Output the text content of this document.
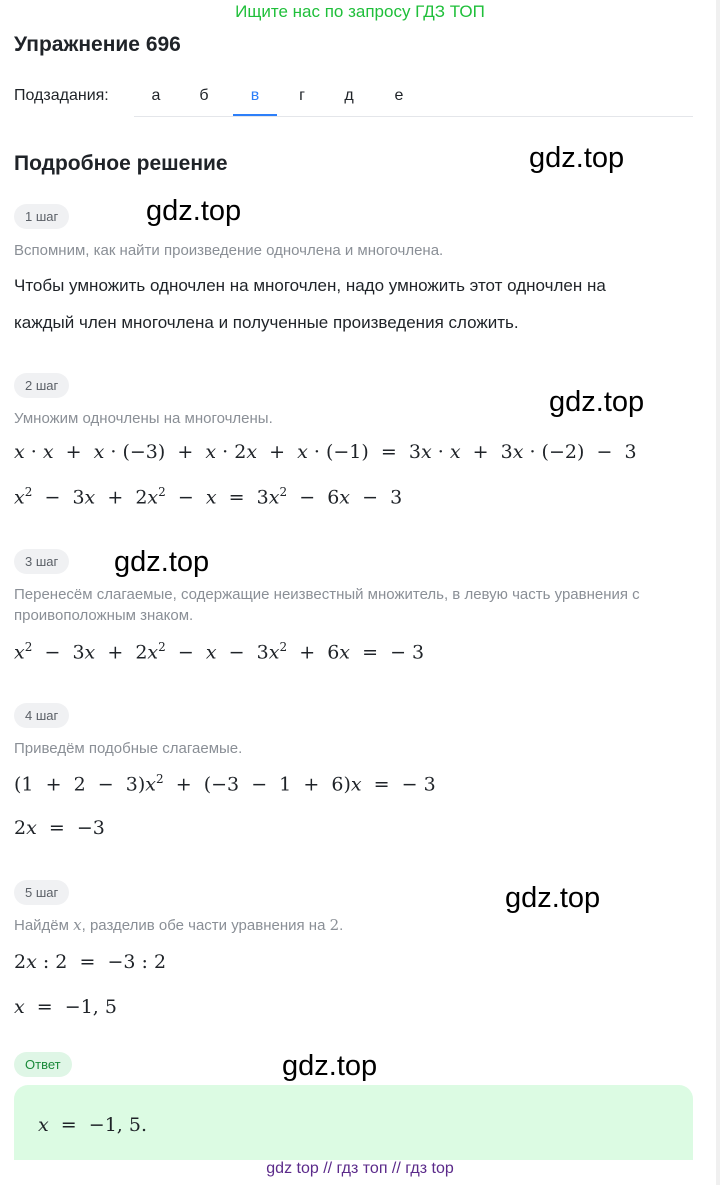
Ищите нас по запросу ГДЗ ТОП
Упражнение 696
Подзадания:	а	б	в	г	д	е
Подробное решение	gdz.top
gdz.top
gdz.top
gdz.top
gdz.top
gdz.top
1 шаг
Вспомним, как найти произведение одночлена и многочлена.
Чтобы умножить одночлен на многочлен, надо умножить этот одночлен на
каждый член многочлена и полученные произведения сложить.
2 шаг
Умножим одночлены на многочлены.
x · x  +  x · (−3)  +  x · 2x  +  x · (−1)  =  3x · x  +  3x · (−2)  −  3
$x^2 - 3x + 2x^2 - x = 3x^2 - 6x - 3$
3 шаг
Перенесём слагаемые, содержащие неизвестный множитель, в левую часть уравнения с проивоположным знаком.
$x^2 - 3x + 2x^2 - x - 3x^2 + 6x$  =  − 3
4 шаг
Приведём подобные слагаемые.
$(1 + 2 - 3)x^2 + (-3 - 1 + 6)x$  =  − 3
2x  =  −3
5 шаг
Найдём x, разделив обе части уравнения на 2.
2x : 2  =  −3 : 2
x  =  −1, 5
Ответ
x  =  −1, 5.
gdz top // гдз топ // гдз top
